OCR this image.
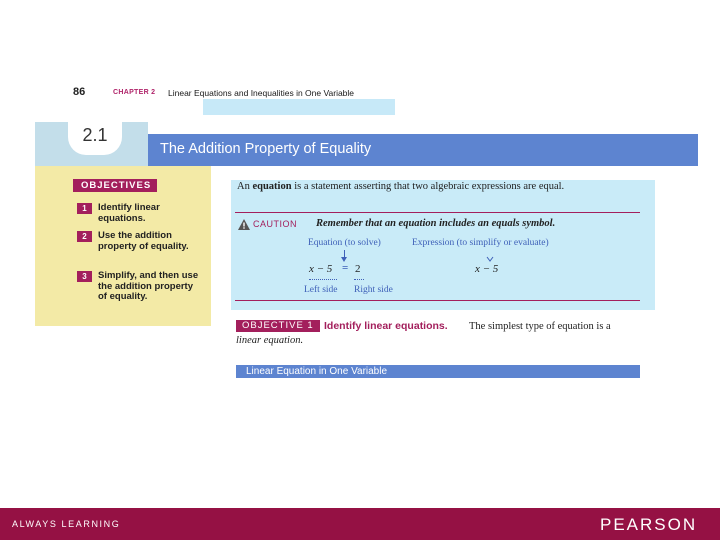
86	CHAPTER 2 Linear Equations and Inequalities in One Variable
2.1
The Addition Property of Equality
OBJECTIVES
1	Identify linear equations.
2	Use the addition property of equality.
3	Simplify, and then use the addition property of equality.
An equation is a statement asserting that two algebraic expressions are equal.
CAUTION Remember that an equation includes an equals symbol.
Equation (to solve)	Expression (to simplify or evaluate)
x − 5 = 2	x − 5
Left side Right side
OBJECTIVE 1 Identify linear equations. The simplest type of equation is a
linear equation.
Linear Equation in One Variable
ALWAYS LEARNING	PEARSON
